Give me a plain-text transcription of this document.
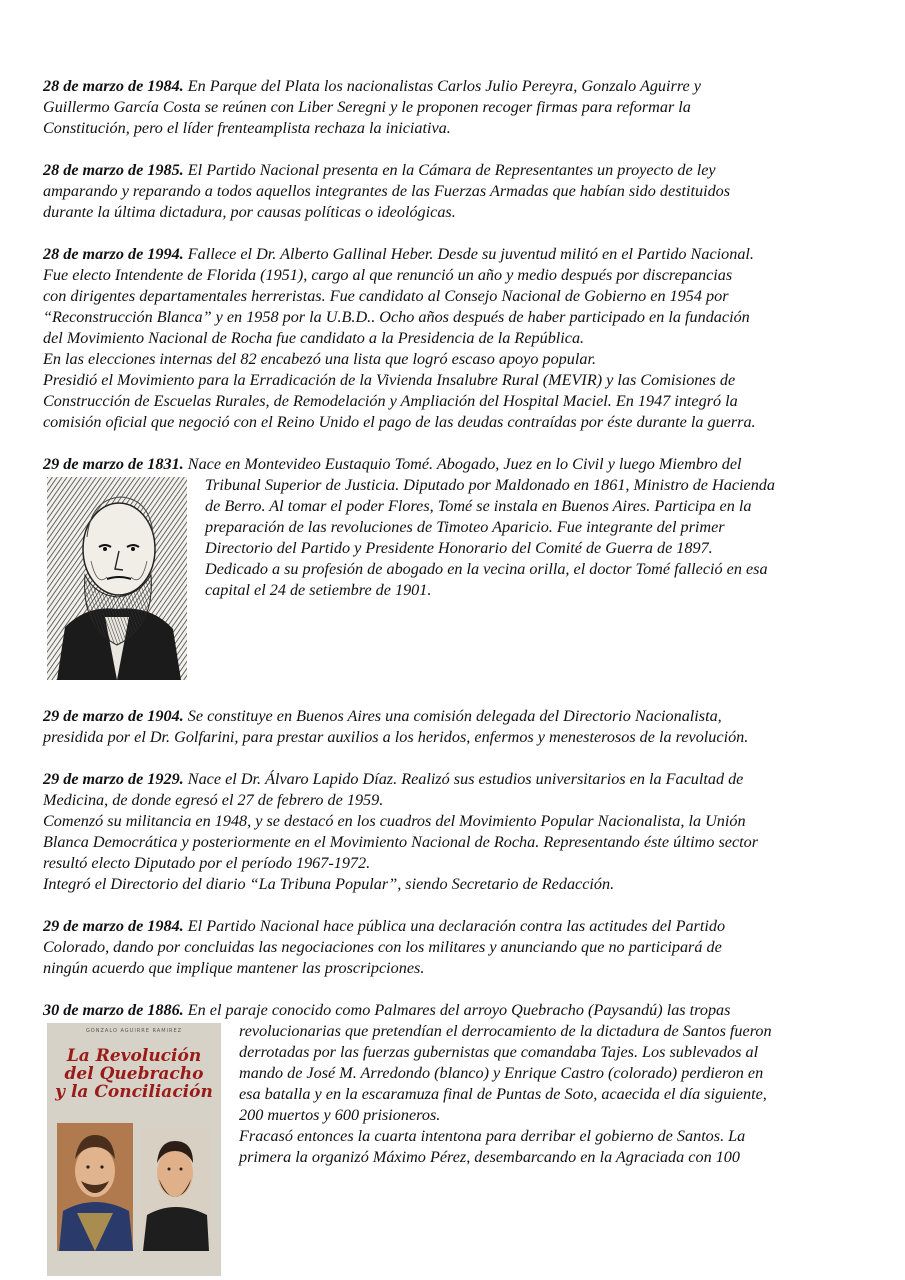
28 de marzo de 1984. En Parque del Plata los nacionalistas Carlos Julio Pereyra, Gonzalo Aguirre y

Guillermo García Costa se reúnen con Liber Seregni y le proponen recoger firmas para reformar la

Constitución, pero el líder frenteamplista rechaza la iniciativa.

28 de marzo de 1985. El Partido Nacional presenta en la Cámara de Representantes un proyecto de ley

amparando y reparando a todos aquellos integrantes de las Fuerzas Armadas que habían sido destituidos

durante la última dictadura, por causas políticas o ideológicas.

28 de marzo de 1994. Fallece el Dr. Alberto Gallinal Heber. Desde su juventud militó en el Partido Nacional.

Fue electo Intendente de Florida (1951), cargo al que renunció un año y medio después por discrepancias

con dirigentes departamentales herreristas. Fue candidato al Consejo Nacional de Gobierno en 1954 por

“Reconstrucción Blanca” y en 1958 por la U.B.D.. Ocho años después de haber participado en la fundación

del Movimiento Nacional de Rocha fue candidato a la Presidencia de la República.

En las elecciones internas del 82 encabezó una lista que logró escaso apoyo popular.

Presidió el Movimiento para la Erradicación de la Vivienda Insalubre Rural (MEVIR) y las Comisiones de

Construcción de Escuelas Rurales, de Remodelación y Ampliación del Hospital Maciel. En 1947 integró la

comisión oficial que negoció con el Reino Unido el pago de las deudas contraídas por éste durante la guerra.

29 de marzo de 1831. Nace en Montevideo Eustaquio Tomé. Abogado, Juez en lo Civil y luego Miembro del

Tribunal Superior de Justicia. Diputado por Maldonado en 1861, Ministro de Hacienda

de Berro. Al tomar el poder Flores, Tomé se instala en Buenos Aires. Participa en la

preparación de las revoluciones de Timoteo Aparicio. Fue integrante del primer

Directorio del Partido y Presidente Honorario del Comité de Guerra de 1897.

Dedicado a su profesión de abogado en la vecina orilla, el doctor Tomé falleció en esa

capital el 24 de setiembre de 1901.

29 de marzo de 1904. Se constituye en Buenos Aires una comisión delegada del Directorio Nacionalista,

presidida por el Dr. Golfarini, para prestar auxilios a los heridos, enfermos y menesterosos de la revolución.

29 de marzo de 1929. Nace el Dr. Álvaro Lapido Díaz. Realizó sus estudios universitarios en la Facultad de

Medicina, de donde egresó el 27 de febrero de 1959.

Comenzó su militancia en 1948, y se destacó en los cuadros del Movimiento Popular Nacionalista, la Unión

Blanca Democrática y posteriormente en el Movimiento Nacional de Rocha. Representando éste último sector

resultó electo Diputado por el período 1967-1972.

Integró el Directorio del diario “La Tribuna Popular”, siendo Secretario de Redacción.

29 de marzo de 1984. El Partido Nacional hace pública una declaración contra las actitudes del Partido

Colorado, dando por concluidas las negociaciones con los militares y anunciando que no participará de

ningún acuerdo que implique mantener las proscripciones.

30 de marzo de 1886. En el paraje conocido como Palmares del arroyo Quebracho (Paysandú) las tropas

revolucionarias que pretendían el derrocamiento de la dictadura de Santos fueron

derrotadas por las fuerzas gubernistas que comandaba Tajes. Los sublevados al

mando de José M. Arredondo (blanco) y Enrique Castro (colorado) perdieron en

esa batalla y en la escaramuza final de Puntas de Soto, acaecida el día siguiente,

200 muertos y 600 prisioneros.

Fracasó entonces la cuarta intentona para derribar el gobierno de Santos. La

primera la organizó Máximo Pérez, desembarcando en la Agraciada con 100

GONZALO AGUIRRE RAMIREZ
La Revolución
del Quebracho
y la Conciliación
